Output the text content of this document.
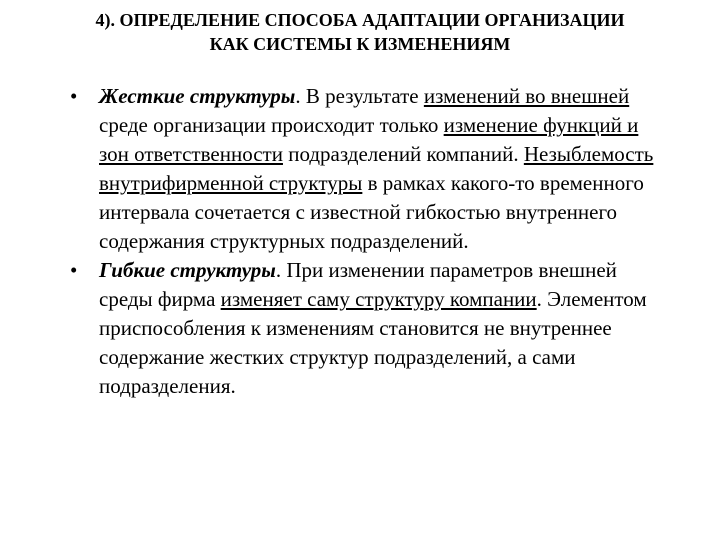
4). ОПРЕДЕЛЕНИЕ СПОСОБА АДАПТАЦИИ ОРГАНИЗАЦИИ
КАК СИСТЕМЫ К ИЗМЕНЕНИЯМ
• Жесткие структуры. В результате изменений во внешней среде организации происходит только изменение функций и зон ответственности подразделений компаний. Незыблемость внутрифирменной структуры в рамках какого-то временного интервала сочетается с известной гибкостью внутреннего содержания структурных подразделений.
• Гибкие структуры. При изменении параметров внешней среды фирма изменяет саму структуру компании. Элементом приспособления к изменениям становится не внутреннее содержание жестких структур подразделений, а сами подразделения.
